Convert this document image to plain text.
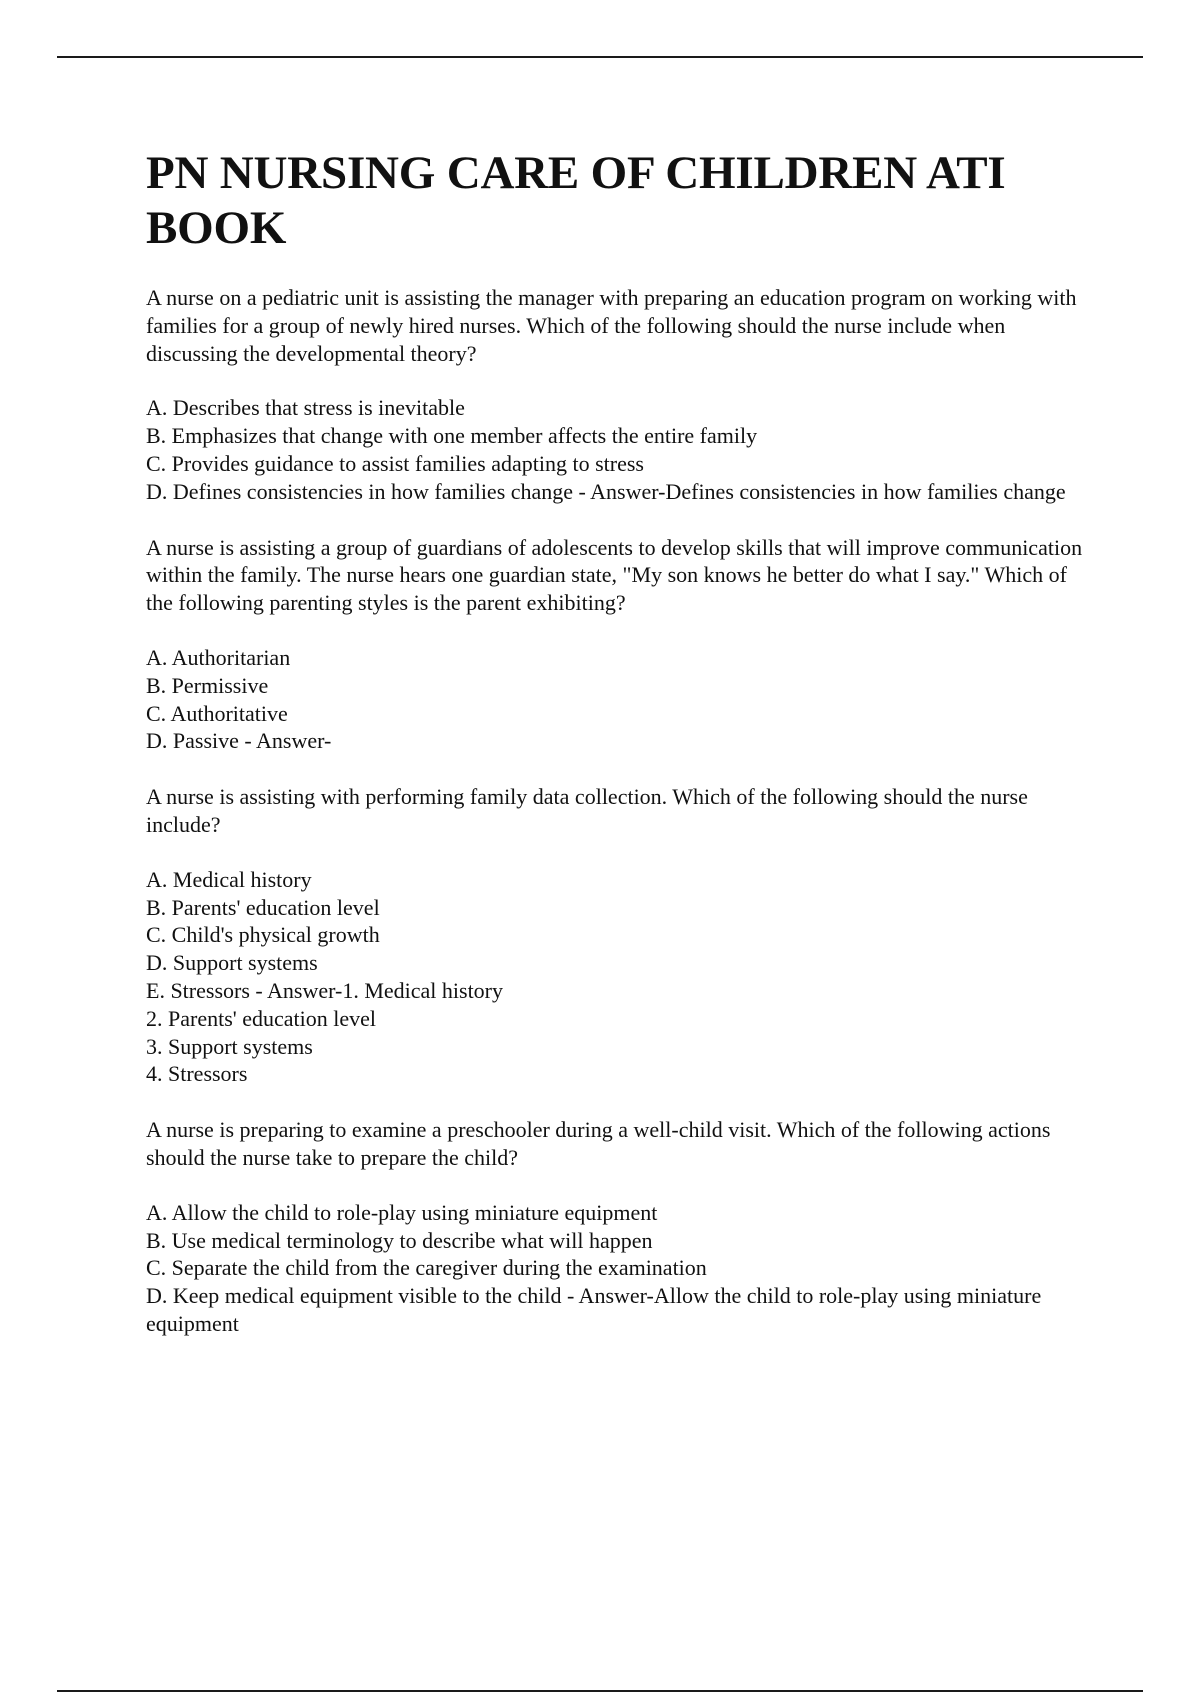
PN NURSING CARE OF CHILDREN ATI BOOK

A nurse on a pediatric unit is assisting the manager with preparing an education program on working with families for a group of newly hired nurses. Which of the following should the nurse include when discussing the developmental theory?

A. Describes that stress is inevitable
B. Emphasizes that change with one member affects the entire family
C. Provides guidance to assist families adapting to stress
D. Defines consistencies in how families change - Answer-Defines consistencies in how families change

A nurse is assisting a group of guardians of adolescents to develop skills that will improve communication within the family. The nurse hears one guardian state, "My son knows he better do what I say." Which of the following parenting styles is the parent exhibiting?

A. Authoritarian
B. Permissive
C. Authoritative
D. Passive - Answer-

A nurse is assisting with performing family data collection. Which of the following should the nurse include?

A. Medical history
B. Parents' education level
C. Child's physical growth
D. Support systems
E. Stressors - Answer-1. Medical history
2. Parents' education level
3. Support systems
4. Stressors

A nurse is preparing to examine a preschooler during a well-child visit. Which of the following actions should the nurse take to prepare the child?

A. Allow the child to role-play using miniature equipment
B. Use medical terminology to describe what will happen
C. Separate the child from the caregiver during the examination
D. Keep medical equipment visible to the child - Answer-Allow the child to role-play using miniature equipment
